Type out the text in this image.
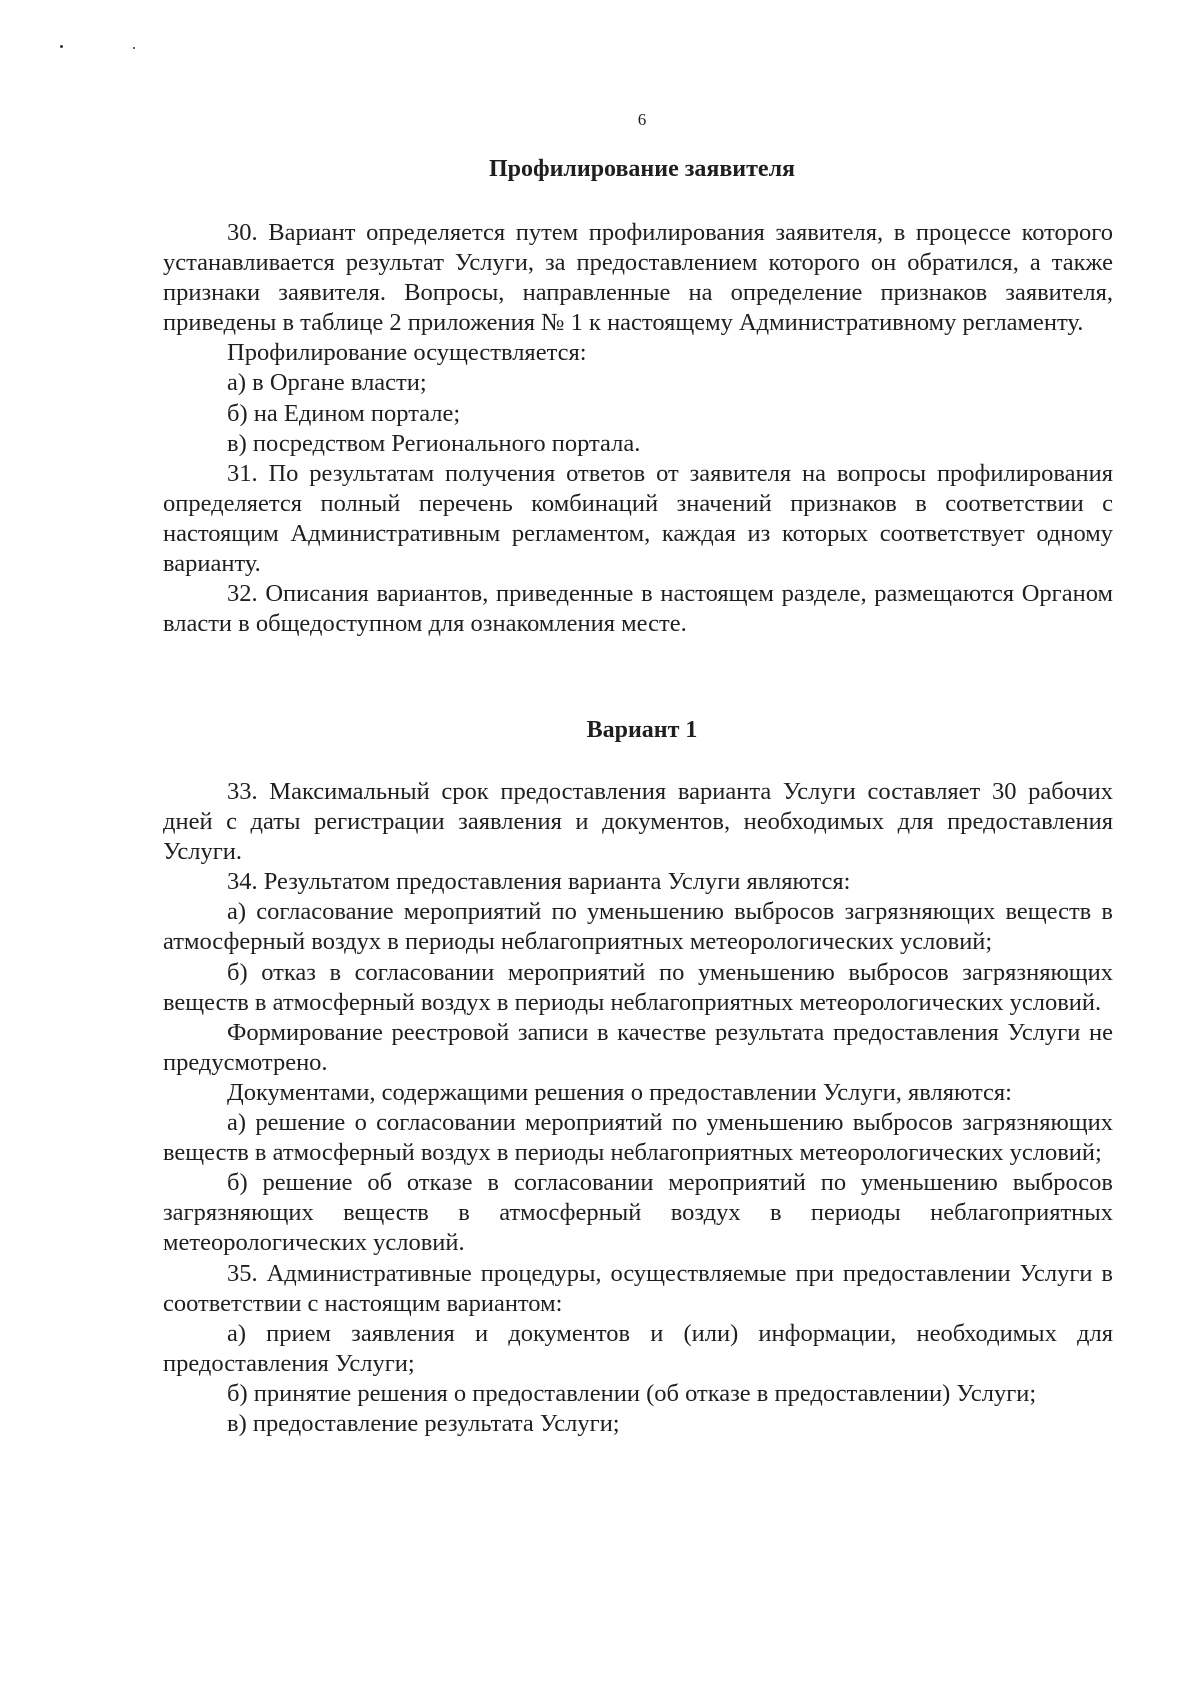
6
Профилирование заявителя

30. Вариант определяется путем профилирования заявителя, в процессе которого устанавливается результат Услуги, за предоставлением которого он обратился, а также признаки заявителя. Вопросы, направленные на определение признаков заявителя, приведены в таблице 2 приложения № 1 к настоящему Административному регламенту.

Профилирование осуществляется:

а) в Органе власти;

б) на Едином портале;

в) посредством Регионального портала.

31. По результатам получения ответов от заявителя на вопросы профилирования определяется полный перечень комбинаций значений признаков в соответствии с настоящим Административным регламентом, каждая из которых соответствует одному варианту.

32. Описания вариантов, приведенные в настоящем разделе, размещаются Органом власти в общедоступном для ознакомления месте.

Вариант 1

33. Максимальный срок предоставления варианта Услуги составляет 30 рабочих дней с даты регистрации заявления и документов, необходимых для предоставления Услуги.

34. Результатом предоставления варианта Услуги являются:

а) согласование мероприятий по уменьшению выбросов загрязняющих веществ в атмосферный воздух в периоды неблагоприятных метеорологических условий;

б) отказ в согласовании мероприятий по уменьшению выбросов загрязняющих веществ в атмосферный воздух в периоды неблагоприятных метеорологических условий.

Формирование реестровой записи в качестве результата предоставления Услуги не предусмотрено.

Документами, содержащими решения о предоставлении Услуги, являются:

а) решение о согласовании мероприятий по уменьшению выбросов загрязняющих веществ в атмосферный воздух в периоды неблагоприятных метеорологических условий;

б) решение об отказе в согласовании мероприятий по уменьшению выбросов загрязняющих веществ в атмосферный воздух в периоды неблагоприятных метеорологических условий.

35. Административные процедуры, осуществляемые при предоставлении Услуги в соответствии с настоящим вариантом:

а) прием заявления и документов и (или) информации, необходимых для предоставления Услуги;

б) принятие решения о предоставлении (об отказе в предоставлении) Услуги;

в) предоставление результата Услуги;
